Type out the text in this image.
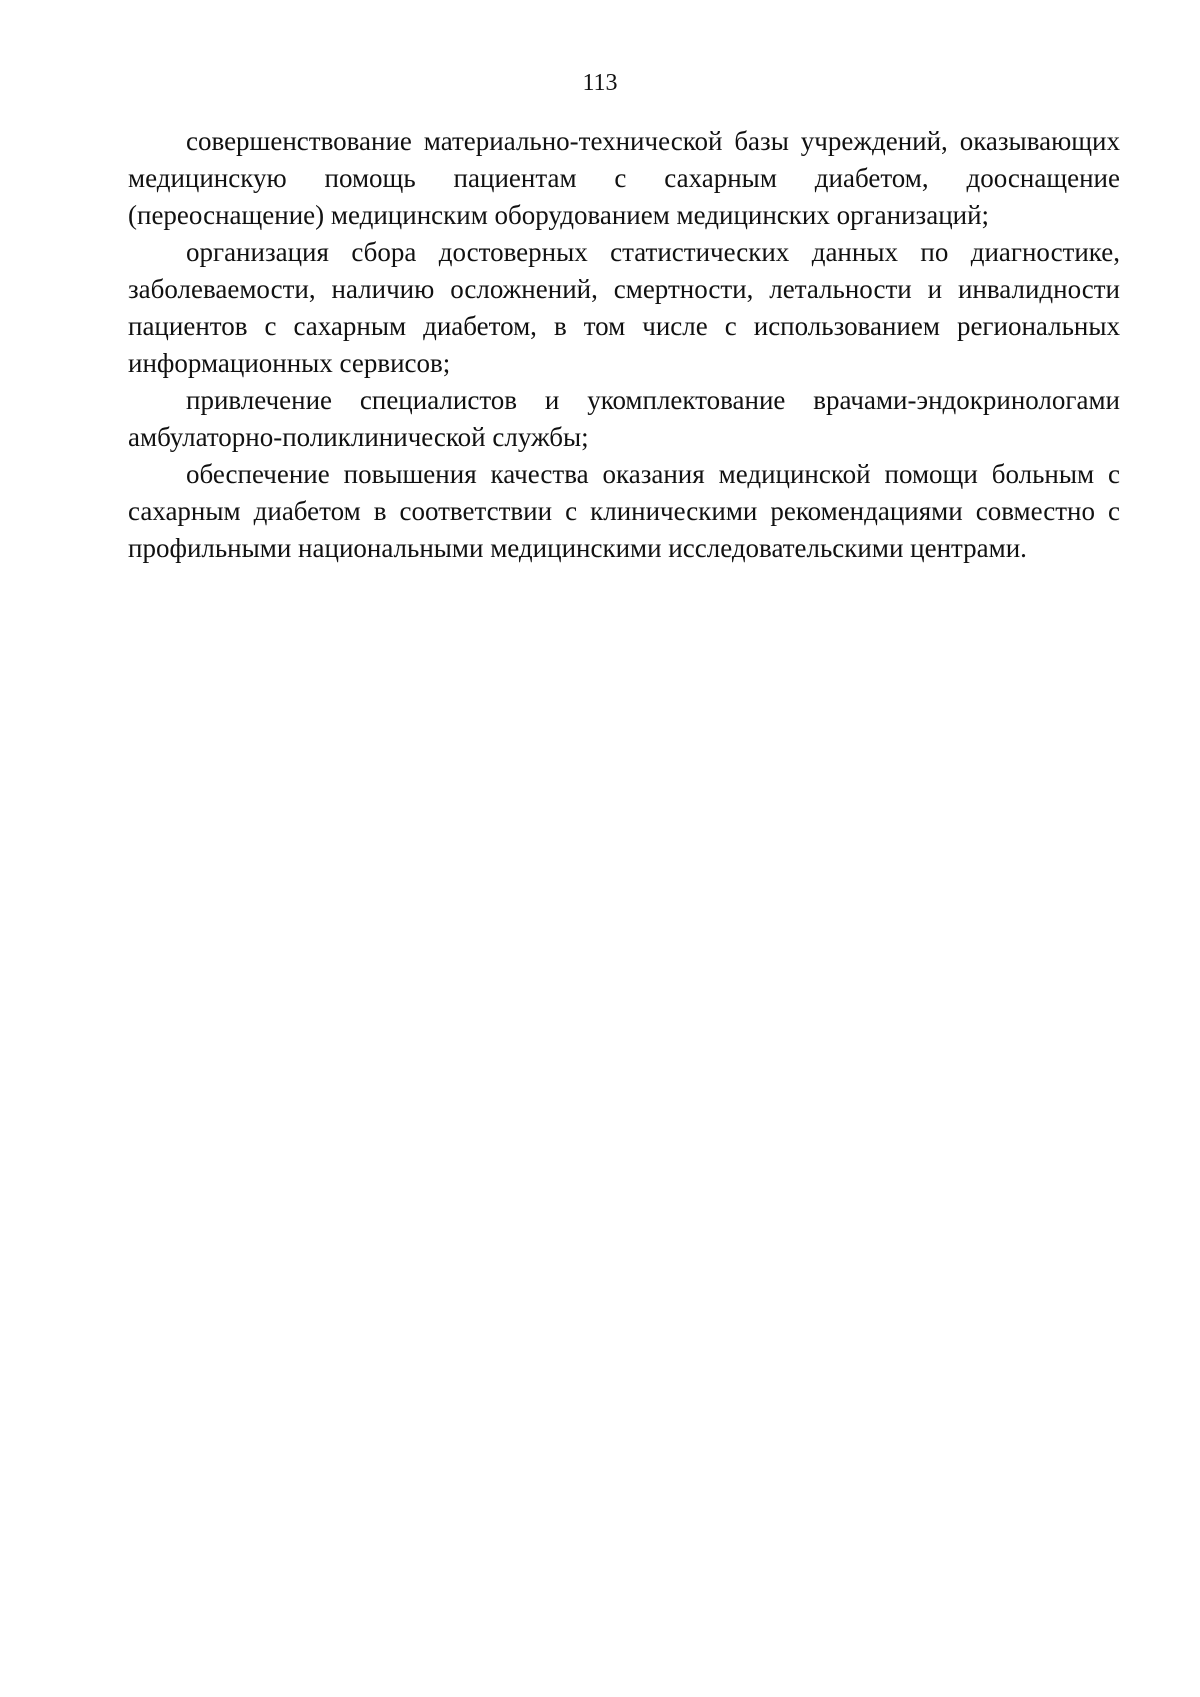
113

совершенствование материально-технической базы учреждений, оказывающих медицинскую помощь пациентам с сахарным диабетом, дооснащение (переоснащение) медицинским оборудованием медицинских организаций;

организация сбора достоверных статистических данных по диагностике, заболеваемости, наличию осложнений, смертности, летальности и инвалидности пациентов с сахарным диабетом, в том числе с использованием региональных информационных сервисов;

привлечение специалистов и укомплектование врачами-эндокринологами амбулаторно-поликлинической службы;

обеспечение повышения качества оказания медицинской помощи больным с сахарным диабетом в соответствии с клиническими рекомендациями совместно с профильными национальными медицинскими исследовательскими центрами.
